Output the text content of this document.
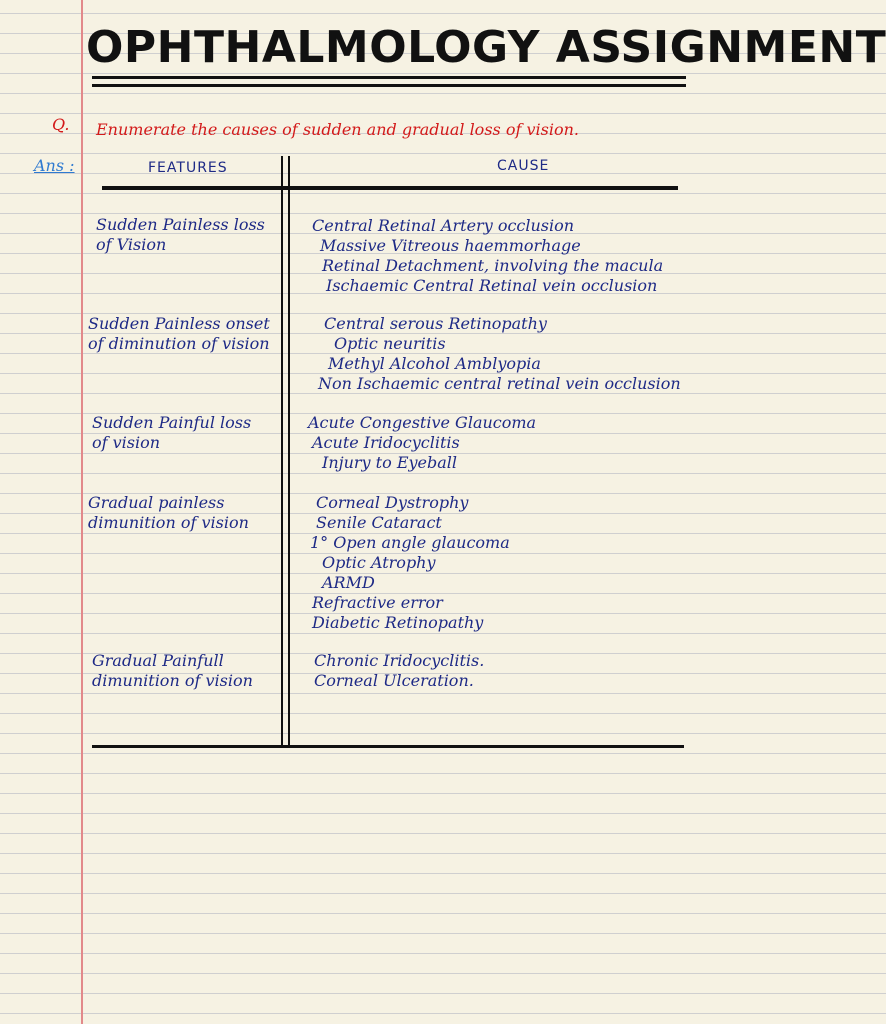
OPHTHALMOLOGY ASSIGNMENT
Q. Enumerate the causes of sudden and gradual loss of vision.
Ans :	FEATURES	CAUSE
Sudden Painless loss
of Vision
Central Retinal Artery occlusion
Massive Vitreous haemmorhage
Retinal Detachment, involving the macula
Ischaemic Central Retinal vein occlusion
Sudden Painless onset
of diminution of vision
Central serous Retinopathy
Optic neuritis
Methyl Alcohol Amblyopia
Non Ischaemic central retinal vein occlusion
Sudden Painful loss
of vision
Acute Congestive Glaucoma
Acute Iridocyclitis
Injury to Eyeball
Gradual painless
dimunition of vision
Corneal Dystrophy
Senile Cataract
1° Open angle glaucoma
Optic Atrophy
ARMD
Refractive error
Diabetic Retinopathy
Gradual Painfull
dimunition of vision
Chronic Iridocyclitis.
Corneal Ulceration.
